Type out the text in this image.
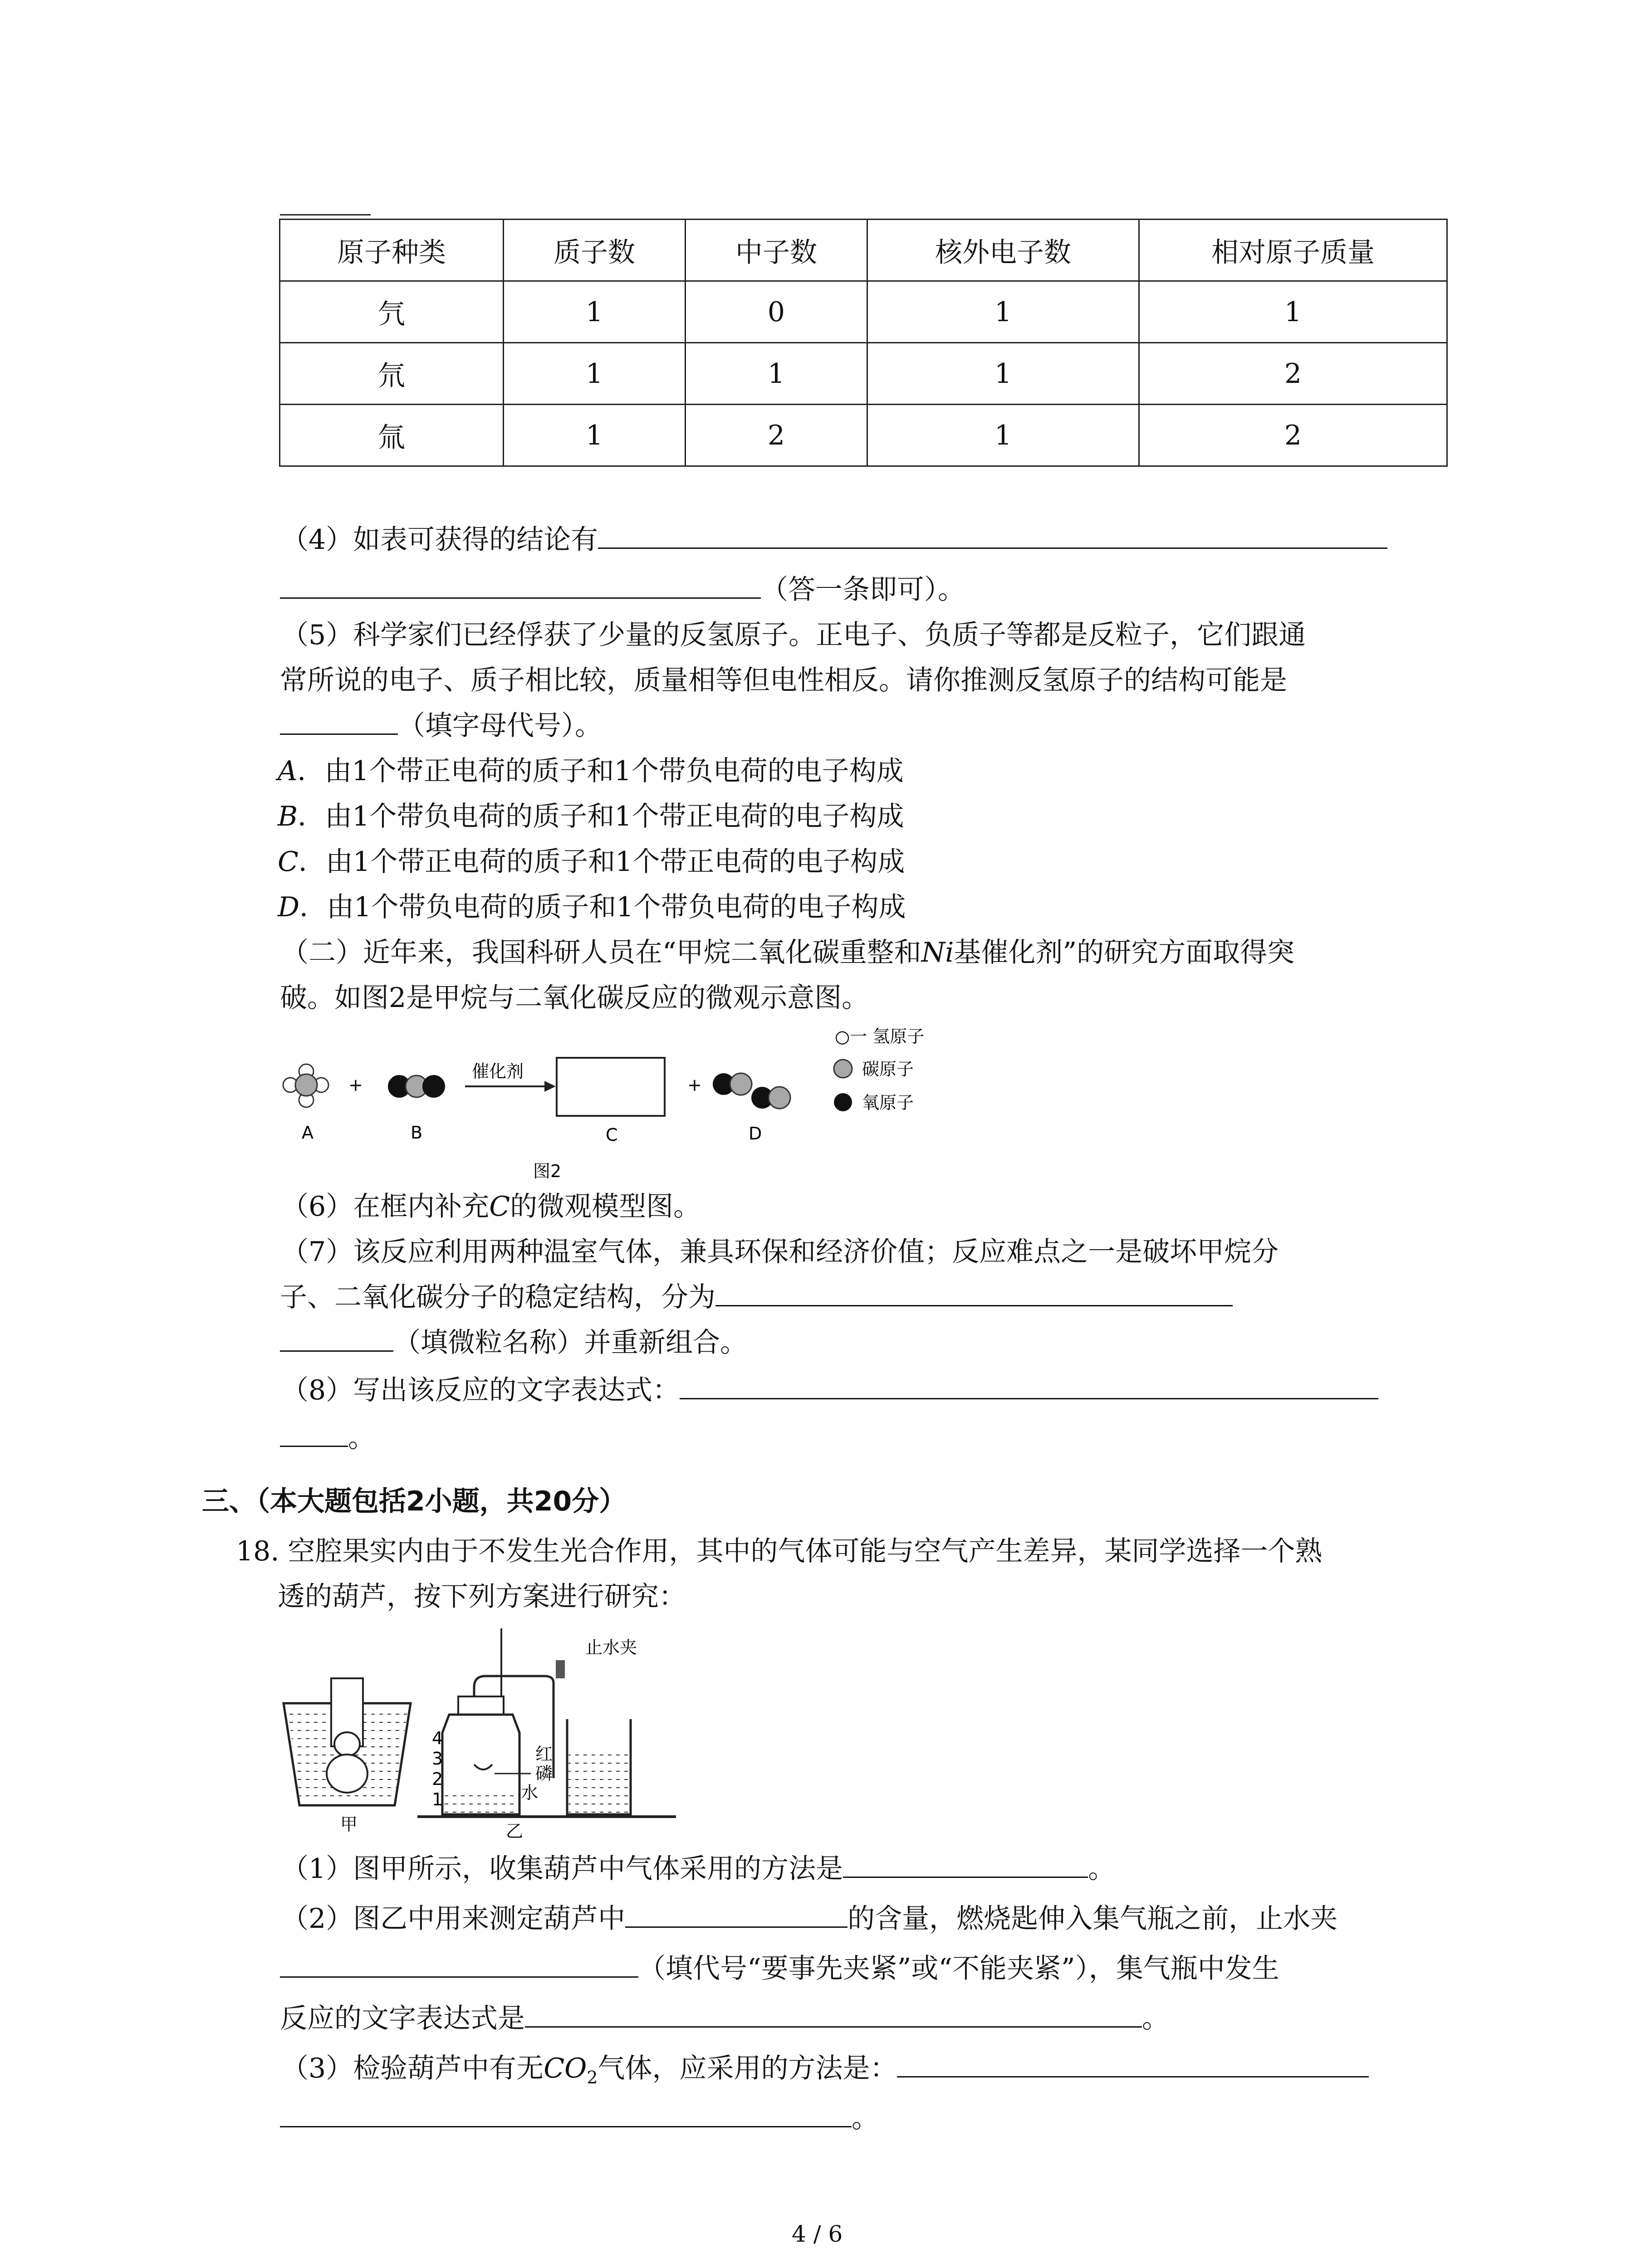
原子种类	质子数	中子数	核外电子数	相对原子质量
氕	1	0	1	1
氘	1	1	1	2
氚	1	2	1	2
（4）如表可获得的结论有
（答一条即可）。
（5）科学家们已经俘获了少量的反氢原子。正电子、负质子等都是反粒子，它们跟通
常所说的电子、质子相比较，质量相等但电性相反。请你推测反氢原子的结构可能是
（填字母代号）。
A．由1个带正电荷的质子和1个带负电荷的电子构成
B．由1个带负电荷的质子和1个带正电荷的电子构成
C．由1个带正电荷的质子和1个带正电荷的电子构成
D．由1个带负电荷的质子和1个带负电荷的电子构成
（二）近年来，我国科研人员在“甲烷二氧化碳重整和Ni基催化剂”的研究方面取得突
破。如图2是甲烷与二氧化碳反应的微观示意图。
A
+
B
催化剂
C
+
D
○一 氢原子
碳原子
氧原子
图2
（6）在框内补充C的微观模型图。
（7）该反应利用两种温室气体，兼具环保和经济价值；反应难点之一是破坏甲烷分
子、二氧化碳分子的稳定结构，分为
（填微粒名称）并重新组合。
（8）写出该反应的文字表达式：
。
三、（本大题包括2小题，共20分）
18. 空腔果实内由于不发生光合作用，其中的气体可能与空气产生差异，某同学选择一个熟
透的葫芦，按下列方案进行研究：
甲
止水夹
4
3
2
1
红
磷
水
乙
（1）图甲所示，收集葫芦中气体采用的方法是	。
（2）图乙中用来测定葫芦中	的含量，燃烧匙伸入集气瓶之前，止水夹
（填代号“要事先夹紧”或“不能夹紧”），集气瓶中发生
反应的文字表达式是	。
（3）检验葫芦中有无$CO_2$气体，应采用的方法是：
。
4 / 6
